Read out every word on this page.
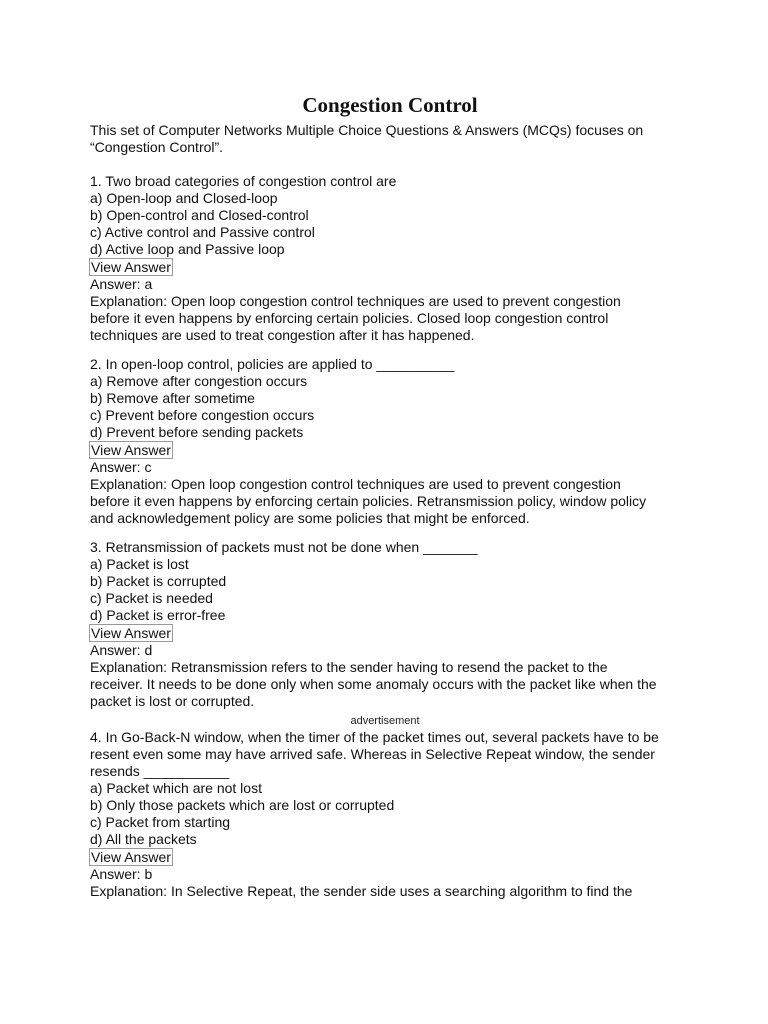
Congestion Control
This set of Computer Networks Multiple Choice Questions & Answers (MCQs) focuses on
“Congestion Control”.
1. Two broad categories of congestion control are
a) Open-loop and Closed-loop
b) Open-control and Closed-control
c) Active control and Passive control
d) Active loop and Passive loop
View Answer
Answer: a
Explanation: Open loop congestion control techniques are used to prevent congestion
before it even happens by enforcing certain policies. Closed loop congestion control
techniques are used to treat congestion after it has happened.
2. In open-loop control, policies are applied to __________
a) Remove after congestion occurs
b) Remove after sometime
c) Prevent before congestion occurs
d) Prevent before sending packets
View Answer
Answer: c
Explanation: Open loop congestion control techniques are used to prevent congestion
before it even happens by enforcing certain policies. Retransmission policy, window policy
and acknowledgement policy are some policies that might be enforced.
3. Retransmission of packets must not be done when _______
a) Packet is lost
b) Packet is corrupted
c) Packet is needed
d) Packet is error-free
View Answer
Answer: d
Explanation: Retransmission refers to the sender having to resend the packet to the
receiver. It needs to be done only when some anomaly occurs with the packet like when the
packet is lost or corrupted.
advertisement
4. In Go-Back-N window, when the timer of the packet times out, several packets have to be
resent even some may have arrived safe. Whereas in Selective Repeat window, the sender
resends ___________
a) Packet which are not lost
b) Only those packets which are lost or corrupted
c) Packet from starting
d) All the packets
View Answer
Answer: b
Explanation: In Selective Repeat, the sender side uses a searching algorithm to find the
